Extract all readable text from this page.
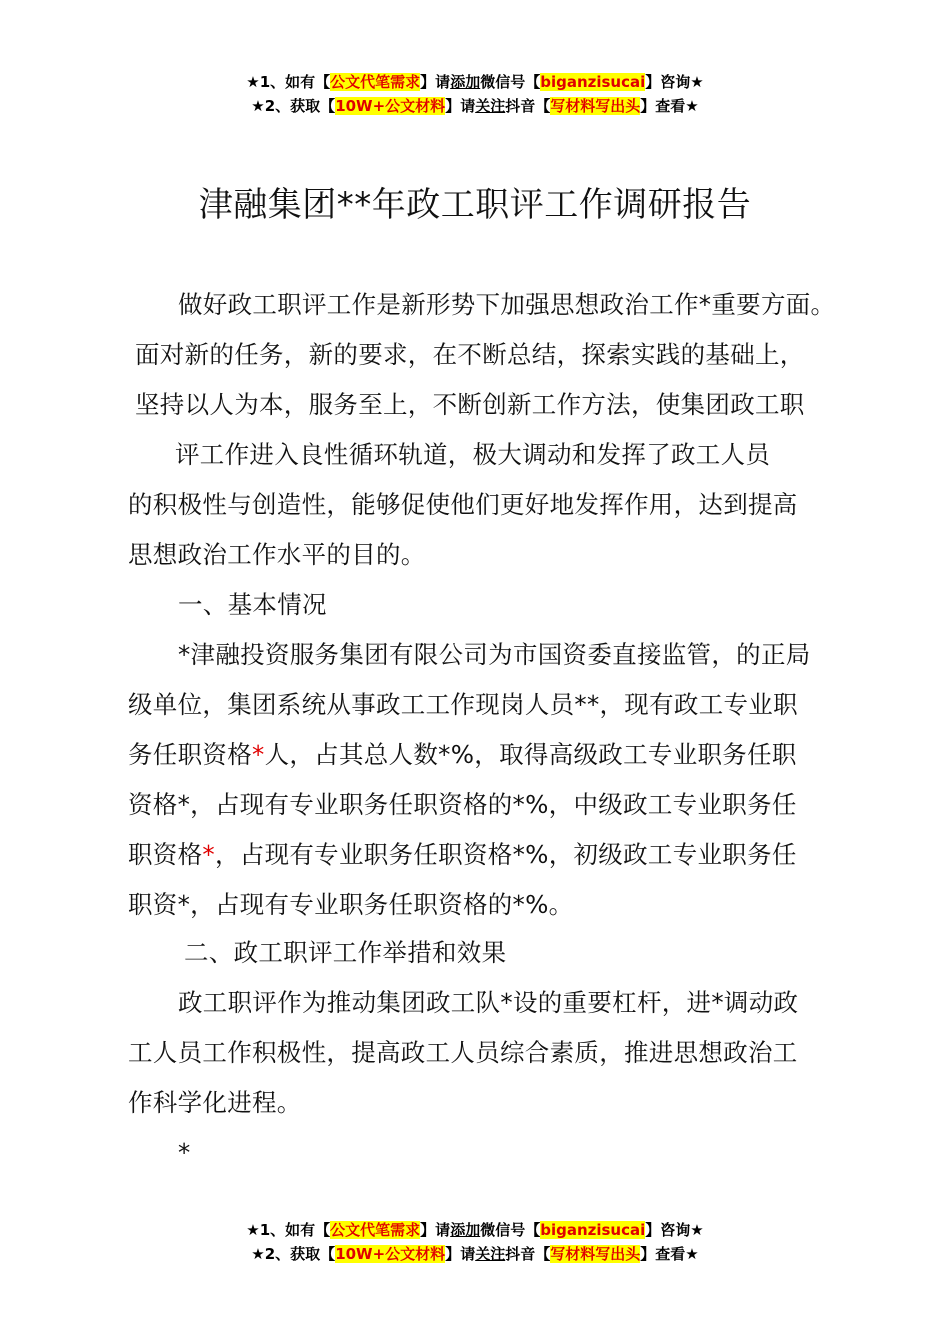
★1、如有【公文代笔需求】请添加微信号【biganzisucai】咨询★
★2、获取【10W+公文材料】请关注抖音【写材料写出头】查看★
津融集团**年政工职评工作调研报告
做好政工职评工作是新形势下加强思想政治工作*重要方面。
面对新的任务，新的要求，在不断总结，探索实践的基础上，
坚持以人为本，服务至上，不断创新工作方法，使集团政工职
评工作进入良性循环轨道，极大调动和发挥了政工人员
的积极性与创造性，能够促使他们更好地发挥作用，达到提高
思想政治工作水平的目的。
一、基本情况
*津融投资服务集团有限公司为市国资委直接监管，的正局
级单位，集团系统从事政工工作现岗人员**，现有政工专业职
务任职资格*人，占其总人数*%，取得高级政工专业职务任职
资格*，占现有专业职务任职资格的*%，中级政工专业职务任
职资格*，占现有专业职务任职资格*%，初级政工专业职务任
职资*，占现有专业职务任职资格的*%。
二、政工职评工作举措和效果
政工职评作为推动集团政工队*设的重要杠杆，进*调动政
工人员工作积极性，提高政工人员综合素质，推进思想政治工
作科学化进程。
*
★1、如有【公文代笔需求】请添加微信号【biganzisucai】咨询★
★2、获取【10W+公文材料】请关注抖音【写材料写出头】查看★
